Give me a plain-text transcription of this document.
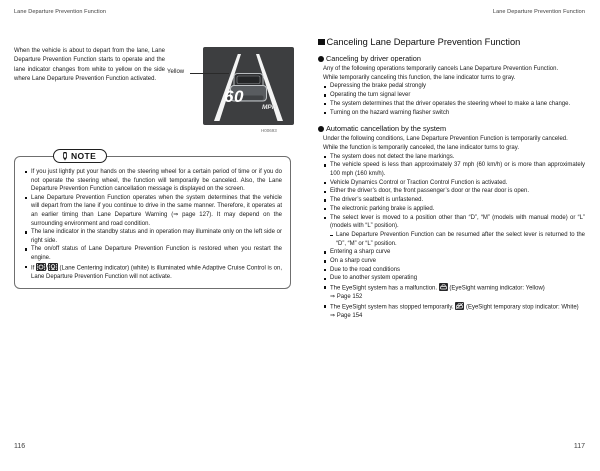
Lane Departure Prevention Function

When the vehicle is about to depart from the lane, Lane Departure Prevention Function starts to operate and the lane indicator changes from white to yellow on the side where Lane Departure Prevention Function activated.

60
MPH
Yellow
H00693
NOTE
If you just lightly put your hands on the steering wheel for a certain period of time or if you do not operate the steering wheel, the function will temporarily be canceled. Also, the Lane Departure Prevention Function cancellation message is displayed on the screen.
Lane Departure Prevention Function operates when the system determines that the vehicle will depart from the lane if you continue to drive in the same manner. Therefore, it operates at an earlier timing than Lane Departure Warning (⇒ page 127). It may depend on the surrounding environment and road condition.
The lane indicator in the standby status and in operation may illuminate only on the left side or right side.
The on/off status of Lane Departure Prevention Function is restored when you restart the engine.
If / (Lane Centering indicator) (white) is illuminated while Adaptive Cruise Control is on, Lane Departure Prevention Function will not activate.
116
Lane Departure Prevention Function
Canceling Lane Departure Prevention Function
Canceling by driver operation
Any of the following operations temporarily cancels Lane Departure Prevention Function.
While temporarily canceling this function, the lane indicator turns to gray.
Depressing the brake pedal strongly
Operating the turn signal lever
The system determines that the driver operates the steering wheel to make a lane change.
Turning on the hazard warning flasher switch
Automatic cancellation by the system
Under the following conditions, Lane Departure Prevention Function is temporarily canceled.
While the function is temporarily canceled, the lane indicator turns to gray.
The system does not detect the lane markings.
The vehicle speed is less than approximately 37 mph (60 km/h) or is more than approximately 100 mph (160 km/h).
Vehicle Dynamics Control or Traction Control Function is activated.
Either the driver’s door, the front passenger’s door or the rear door is open.
The driver’s seatbelt is unfastened.
The electronic parking brake is applied.
The select lever is moved to a position other than “D”, “M” (models with manual mode) or “L” (models with “L” position).
Lane Departure Prevention Function can be resumed after the select lever is returned to the “D”, “M” or “L” position.
Entering a sharp curve
On a sharp curve
Due to the road conditions
Due to another system operating
The EyeSight system has a malfunction.  (EyeSight warning indicator: Yellow)
⇒ Page 152
The EyeSight system has stopped temporarily.  (EyeSight temporary stop indicator: White)
⇒ Page 154
117
